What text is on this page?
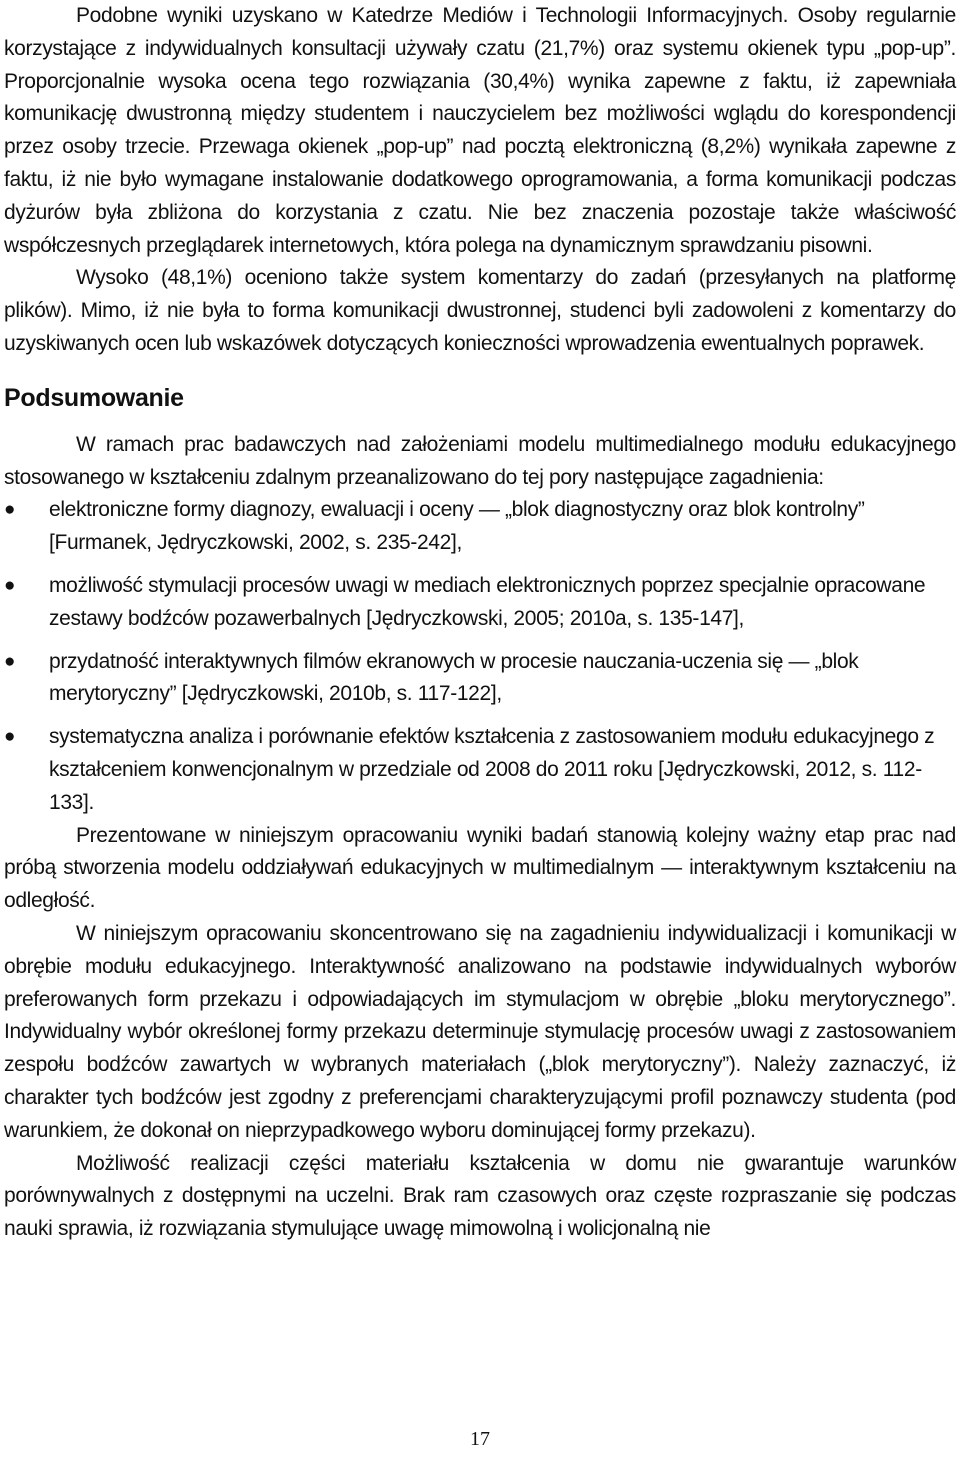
Podobne wyniki uzyskano w Katedrze Mediów i Technologii Informacyjnych. Osoby regularnie korzystające z indywidualnych konsultacji używały czatu (21,7%) oraz systemu okienek typu „pop-up”. Proporcjonalnie wysoka ocena tego rozwiązania (30,4%) wynika zapewne z faktu, iż zapewniała komunikację dwustronną między studentem i nauczycielem bez możliwości wglądu do korespondencji przez osoby trzecie. Przewaga okienek „pop-up” nad pocztą elektroniczną (8,2%) wynikała zapewne z faktu, iż nie było wymagane instalowanie dodatkowego oprogramowania, a forma komunikacji podczas dyżurów była zbliżona do korzystania z czatu. Nie bez znaczenia pozostaje także właściwość współczesnych przeglądarek internetowych, która polega na dynamicznym sprawdzaniu pisowni.

Wysoko (48,1%) oceniono także system komentarzy do zadań (przesyłanych na platformę plików). Mimo, iż nie była to forma komunikacji dwustronnej, studenci byli zadowoleni z komentarzy do uzyskiwanych ocen lub wskazówek dotyczących konieczności wprowadzenia ewentualnych poprawek.

Podsumowanie

W ramach prac badawczych nad założeniami modelu multimedialnego modułu edukacyjnego stosowanego w kształceniu zdalnym przeanalizowano do tej pory następujące zagadnienia:

●	elektroniczne formy diagnozy, ewaluacji i oceny — „blok diagnostyczny oraz blok kontrolny” [Furmanek, Jędryczkowski, 2002, s. 235-242],
●	możliwość stymulacji procesów uwagi w mediach elektronicznych poprzez specjalnie opracowane zestawy bodźców pozawerbalnych [Jędryczkowski, 2005; 2010a, s. 135-147],
●	przydatność interaktywnych filmów ekranowych w procesie nauczania-uczenia się — „blok merytoryczny” [Jędryczkowski, 2010b, s. 117-122],
●	systematyczna analiza i porównanie efektów kształcenia z zastosowaniem modułu edukacyjnego z kształceniem konwencjonalnym w przedziale od 2008 do 2011 roku [Jędryczkowski, 2012, s. 112-133].

Prezentowane w niniejszym opracowaniu wyniki badań stanowią kolejny ważny etap prac nad próbą stworzenia modelu oddziaływań edukacyjnych w multimedialnym — interaktywnym kształceniu na odległość.

W niniejszym opracowaniu skoncentrowano się na zagadnieniu indywidualizacji i komunikacji w obrębie modułu edukacyjnego. Interaktywność analizowano na podstawie indywidualnych wyborów preferowanych form przekazu i odpowiadających im stymulacjom w obrębie „bloku merytorycznego”. Indywidualny wybór określonej formy przekazu determinuje stymulację procesów uwagi z zastosowaniem zespołu bodźców zawartych w wybranych materiałach („blok merytoryczny”). Należy zaznaczyć, iż charakter tych bodźców jest zgodny z preferencjami charakteryzującymi profil poznawczy studenta (pod warunkiem, że dokonał on nieprzypadkowego wyboru dominującej formy przekazu).

Możliwość realizacji części materiału kształcenia w domu nie gwarantuje warunków porównywalnych z dostępnymi na uczelni. Brak ram czasowych oraz częste rozpraszanie się podczas nauki sprawia, iż rozwiązania stymulujące uwagę mimowolną i wolicjonalną nie

17
